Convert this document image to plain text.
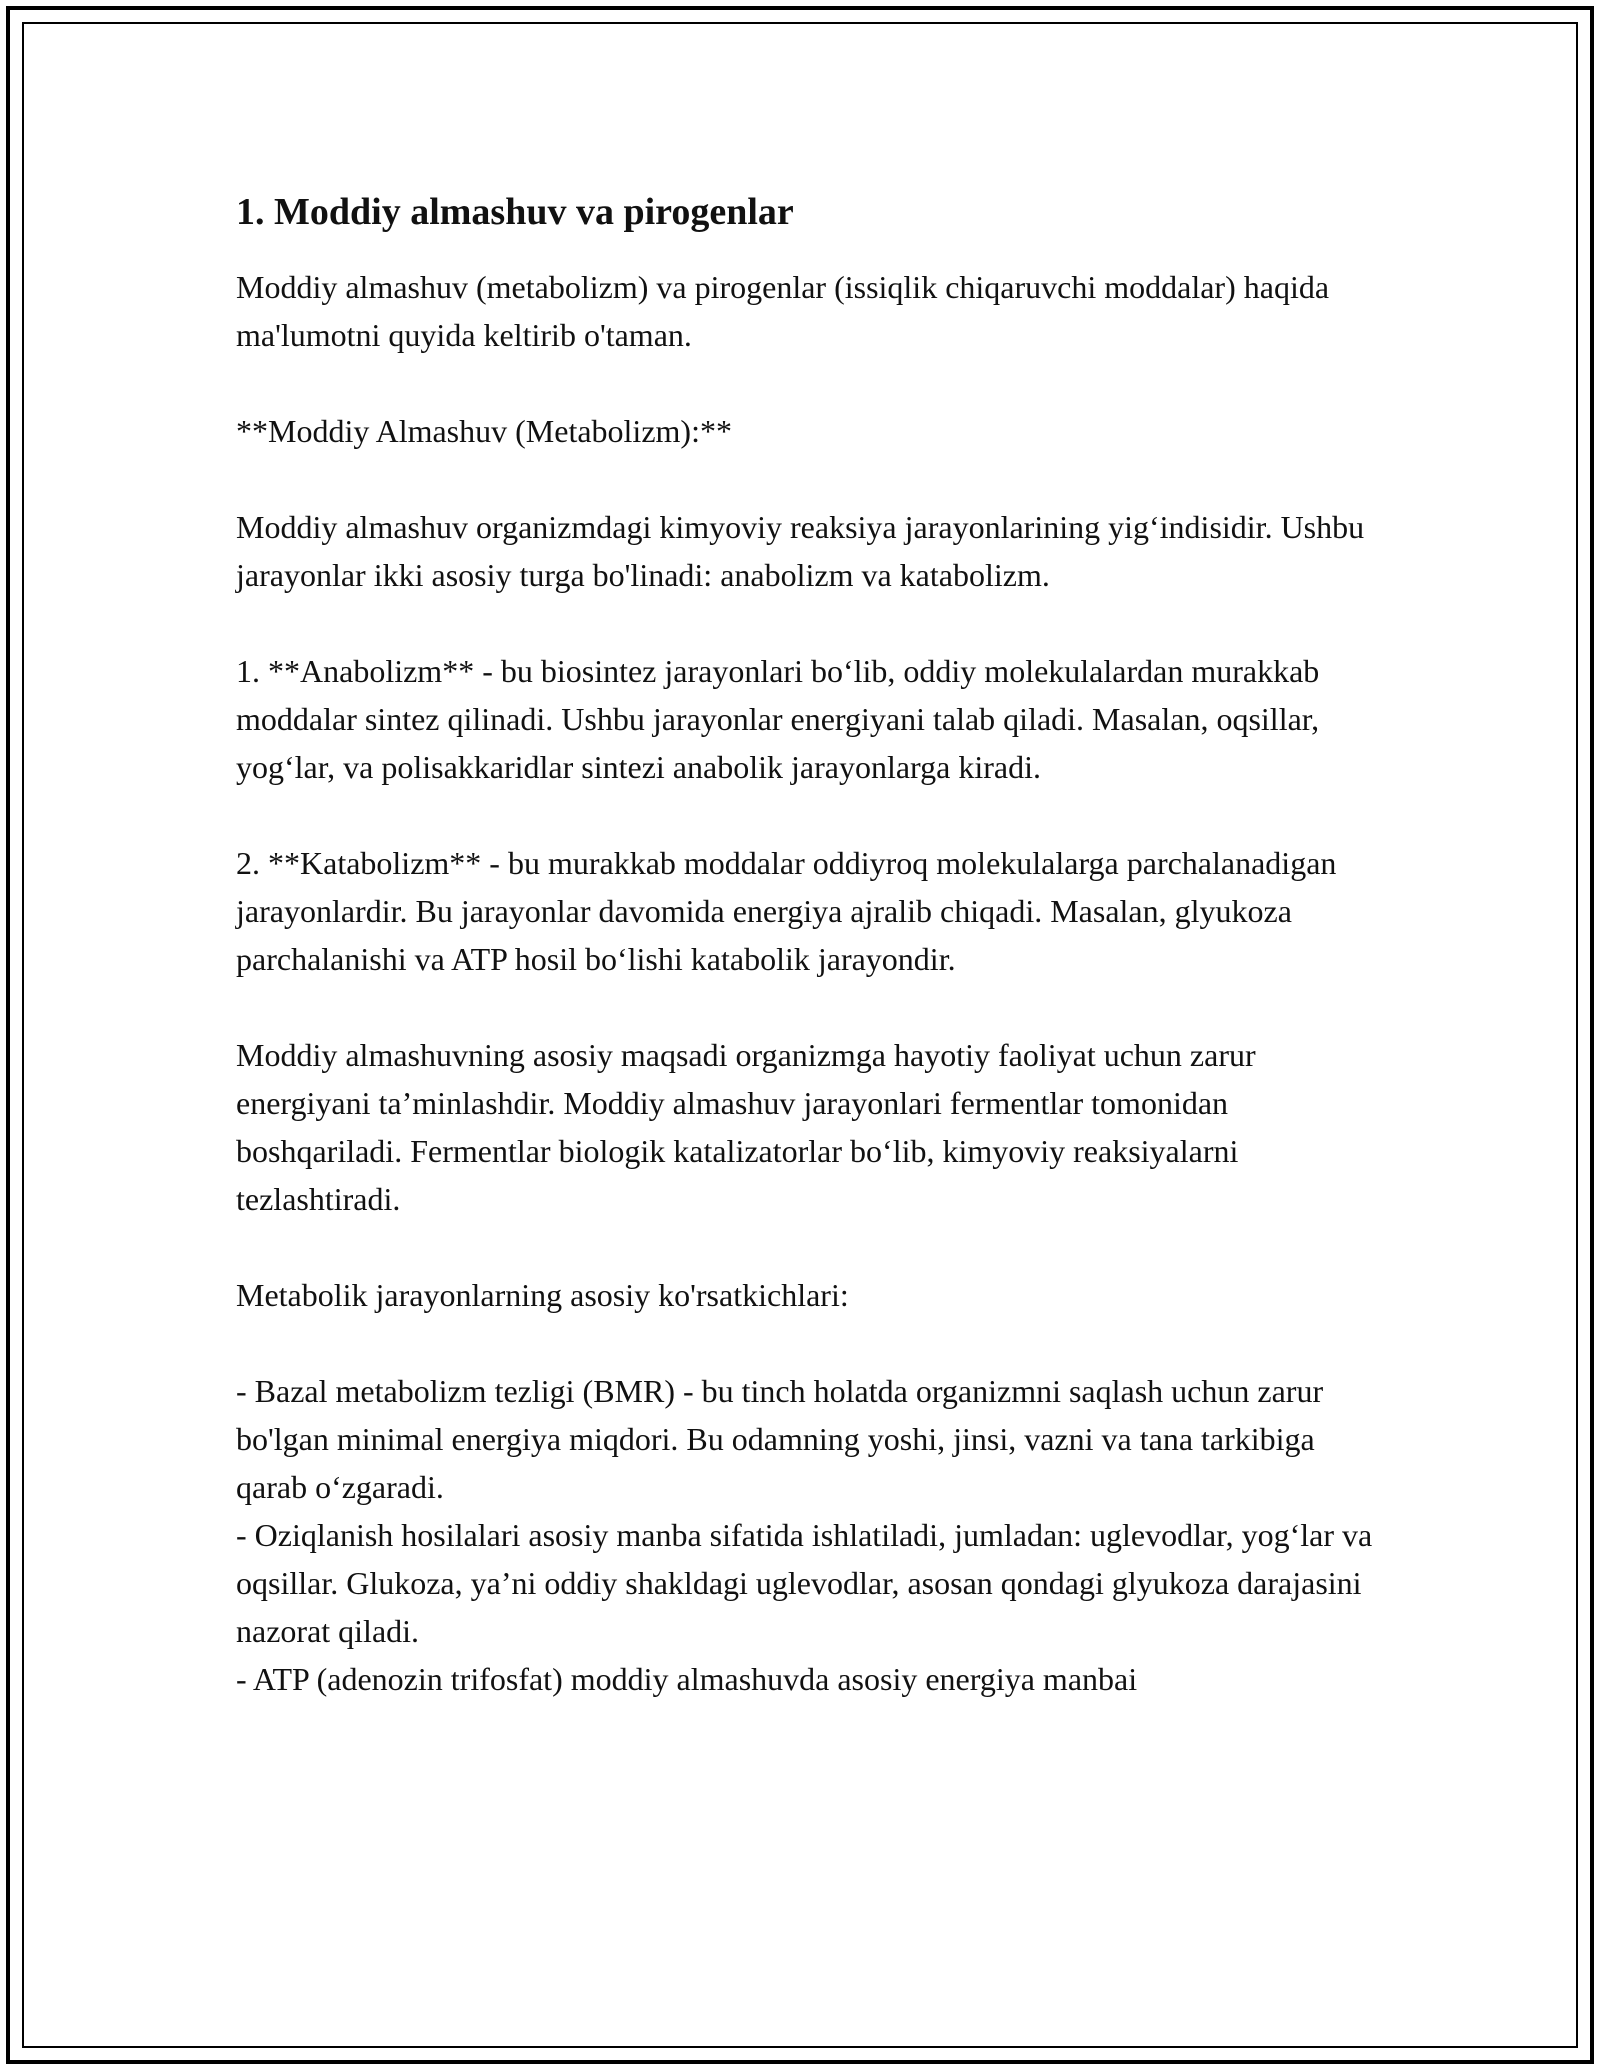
1. Moddiy almashuv va pirogenlar

Moddiy almashuv (metabolizm) va pirogenlar (issiqlik chiqaruvchi moddalar) haqida ma'lumotni quyida keltirib o'taman.

**Moddiy Almashuv (Metabolizm):**

Moddiy almashuv organizmdagi kimyoviy reaksiya jarayonlarining yig‘indisidir. Ushbu jarayonlar ikki asosiy turga bo'linadi: anabolizm va katabolizm.

1. **Anabolizm** - bu biosintez jarayonlari bo‘lib, oddiy molekulalardan murakkab moddalar sintez qilinadi. Ushbu jarayonlar energiyani talab qiladi. Masalan, oqsillar, yog‘lar, va polisakkaridlar sintezi anabolik jarayonlarga kiradi.

2. **Katabolizm** - bu murakkab moddalar oddiyroq molekulalarga parchalanadigan jarayonlardir. Bu jarayonlar davomida energiya ajralib chiqadi. Masalan, glyukoza parchalanishi va ATP hosil bo‘lishi katabolik jarayondir.

Moddiy almashuvning asosiy maqsadi organizmga hayotiy faoliyat uchun zarur energiyani ta’minlashdir. Moddiy almashuv jarayonlari fermentlar tomonidan boshqariladi. Fermentlar biologik katalizatorlar bo‘lib, kimyoviy reaksiyalarni tezlashtiradi.

Metabolik jarayonlarning asosiy ko'rsatkichlari:

- Bazal metabolizm tezligi (BMR) - bu tinch holatda organizmni saqlash uchun zarur bo'lgan minimal energiya miqdori. Bu odamning yoshi, jinsi, vazni va tana tarkibiga qarab o‘zgaradi.

- Oziqlanish hosilalari asosiy manba sifatida ishlatiladi, jumladan: uglevodlar, yog‘lar va oqsillar. Glukoza, ya’ni oddiy shakldagi uglevodlar, asosan qondagi glyukoza darajasini nazorat qiladi.

- ATP (adenozin trifosfat) moddiy almashuvda asosiy energiya manbai
